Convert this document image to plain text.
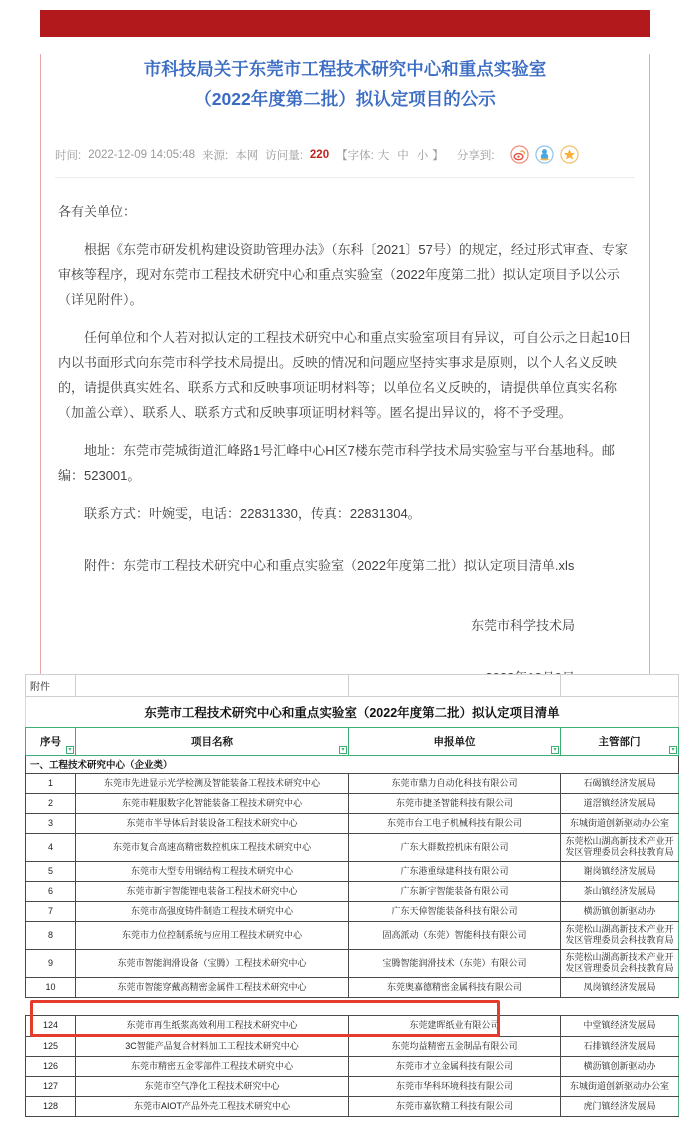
市科技局关于东莞市工程技术研究中心和重点实验室
（2022年度第二批）拟认定项目的公示
时间: 2022-12-09 14:05:48 来源: 本网 访问量: 220 【字体: 大 中 小 】 分享到:

各有关单位：

根据《东莞市研发机构建设资助管理办法》（东科〔2021〕57号）的规定，经过形式审查、专家审核等程序，现对东莞市工程技术研究中心和重点实验室（2022年度第二批）拟认定项目予以公示（详见附件）。

任何单位和个人若对拟认定的工程技术研究中心和重点实验室项目有异议，可自公示之日起10日内以书面形式向东莞市科学技术局提出。反映的情况和问题应坚持实事求是原则，以个人名义反映的，请提供真实姓名、联系方式和反映事项证明材料等；以单位名义反映的，请提供单位真实名称（加盖公章）、联系人、联系方式和反映事项证明材料等。匿名提出异议的，将不予受理。

地址：东莞市莞城街道汇峰路1号汇峰中心H区7楼东莞市科学技术局实验室与平台基地科。邮编：523001。

联系方式：叶婉雯，电话：22831330，传真：22831304。

附件：东莞市工程技术研究中心和重点实验室（2022年度第二批）拟认定项目清单.xls

东莞市科学技术局

附件			
东莞市工程技术研究中心和重点实验室（2022年度第二批）拟认定项目清单
序号
▾	项目名称
▾	申报单位
▾	主管部门
▾

一、工程技术研究中心（企业类）			
1	东莞市先进显示光学检测及智能装备工程技术研究中心	东莞市鼎力自动化科技有限公司	石碣镇经济发展局
2	东莞市鞋服数字化智能装备工程技术研究中心	东莞市捷圣智能科技有限公司	道滘镇经济发展局
3	东莞市半导体后封装设备工程技术研究中心	东莞市台工电子机械科技有限公司	东城街道创新驱动办公室
4	东莞市复合高速高精密数控机床工程技术研究中心	广东大群数控机床有限公司	东莞松山湖高新技术产业开发区管理委员会科技教育局
5	东莞市大型专用钢结构工程技术研究中心	广东港重绿建科技有限公司	谢岗镇经济发展局
6	东莞市新宇智能锂电装备工程技术研究中心	广东新宇智能装备有限公司	茶山镇经济发展局
7	东莞市高强度铸件制造工程技术研究中心	广东天倬智能装备科技有限公司	横沥镇创新驱动办
8	东莞市力位控制系统与应用工程技术研究中心	固高派动（东莞）智能科技有限公司	东莞松山湖高新技术产业开发区管理委员会科技教育局
9	东莞市智能润滑设备（宝腾）工程技术研究中心	宝腾智能润滑技术（东莞）有限公司	东莞松山湖高新技术产业开发区管理委员会科技教育局
10	东莞市智能穿戴高精密金属件工程技术研究中心	东莞奥嘉德精密金属科技有限公司	凤岗镇经济发展局

124	东莞市再生纸浆高效利用工程技术研究中心	东莞建晖纸业有限公司	中堂镇经济发展局
125	3C智能产品复合材料加工工程技术研究中心	东莞均益精密五金制品有限公司	石排镇经济发展局
126	东莞市精密五金零部件工程技术研究中心	东莞市才立金属科技有限公司	横沥镇创新驱动办
127	东莞市空气净化工程技术研究中心	东莞市华科环境科技有限公司	东城街道创新驱动办公室
128	东莞市AIOT产品外壳工程技术研究中心	东莞市嘉钦精工科技有限公司	虎门镇经济发展局
